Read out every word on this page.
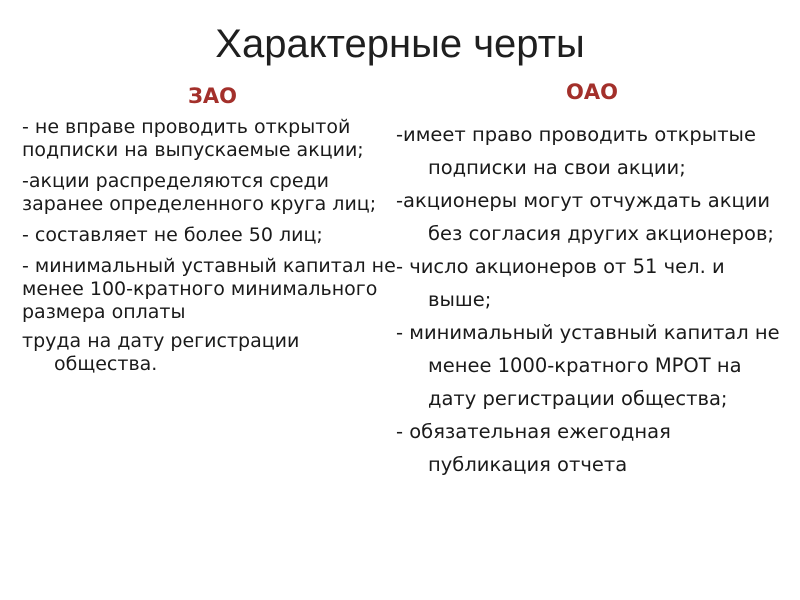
Характерные черты
ЗАО	ОАО

- не вправе проводить открытой подписки на выпускаемые акции;

-акции распределяются среди заранее определенного круга лиц;

- составляет не более 50 лиц;

- минимальный уставный капитал не менее 100-кратного минимального размера оплаты

труда на дату регистрации общества.

-имеет право проводить открытые подписки на свои акции;

-акционеры могут отчуждать акции без согласия других акционеров;

- число акционеров от 51 чел. и выше;

- минимальный уставный капитал не менее 1000-кратного МРОТ на дату регистрации общества;

- обязательная ежегодная публикация отчета
